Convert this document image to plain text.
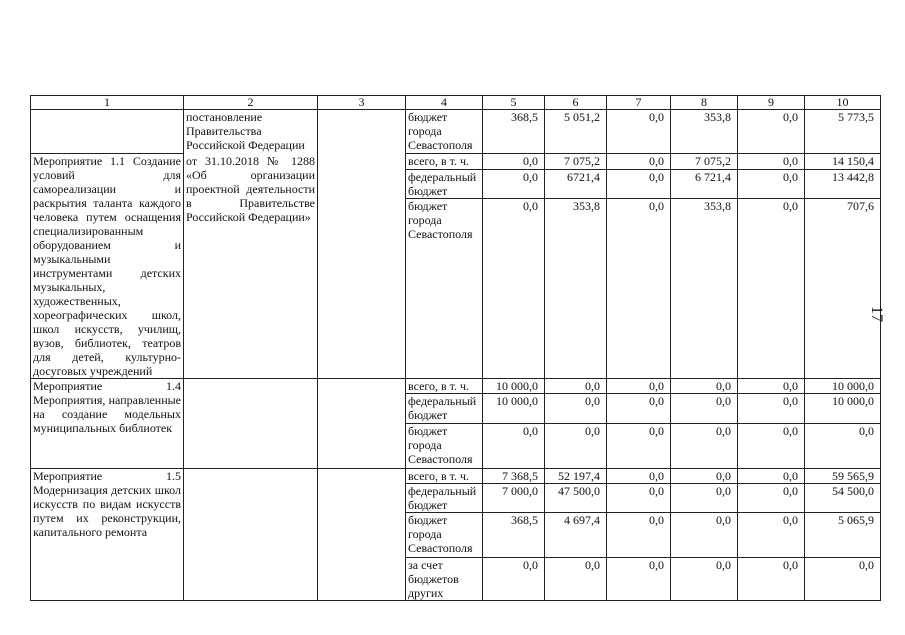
1	2	3	4	5	6	7	8	9	10
	постановление Правительства Российской Федерации		бюджет города Севастополя	368,5	5 051,2	0,0	353,8	0,0	5 773,5
Мероприятие 1.1 Создание условий для самореализации и раскрытия таланта каждого человека путем оснащения специализированным оборудованием и музыкальными инструментами детских музыкальных, художественных, хореографических школ, школ искусств, училищ, вузов, библиотек, театров для детей, культурно-досуговых учреждений	от 31.10.2018 № 1288 «Об организации проектной деятельности в Правительстве Российской Федерации»		всего, в т. ч.	0,0	7 075,2	0,0	7 075,2	0,0	14 150,4
			федеральный бюджет	0,0	6721,4	0,0	6 721,4	0,0	13 442,8
			бюджет города Севастополя	0,0	353,8	0,0	353,8	0,0	707,6
Мероприятие 1.4 Мероприятия, направленные на создание модельных муниципальных библиотек			всего, в т. ч.	10 000,0	0,0	0,0	0,0	0,0	10 000,0
			федеральный бюджет	10 000,0	0,0	0,0	0,0	0,0	10 000,0
			бюджет города Севастополя	0,0	0,0	0,0	0,0	0,0	0,0
Мероприятие 1.5 Модернизация детских школ искусств по видам искусств путем их реконструкции, капитального ремонта			всего, в т. ч.	7 368,5	52 197,4	0,0	0,0	0,0	59 565,9
			федеральный бюджет	7 000,0	47 500,0	0,0	0,0	0,0	54 500,0
			бюджет города Севастополя	368,5	4 697,4	0,0	0,0	0,0	5 065,9
			за счет бюджетов других	0,0	0,0	0,0	0,0	0,0	0,0
17
